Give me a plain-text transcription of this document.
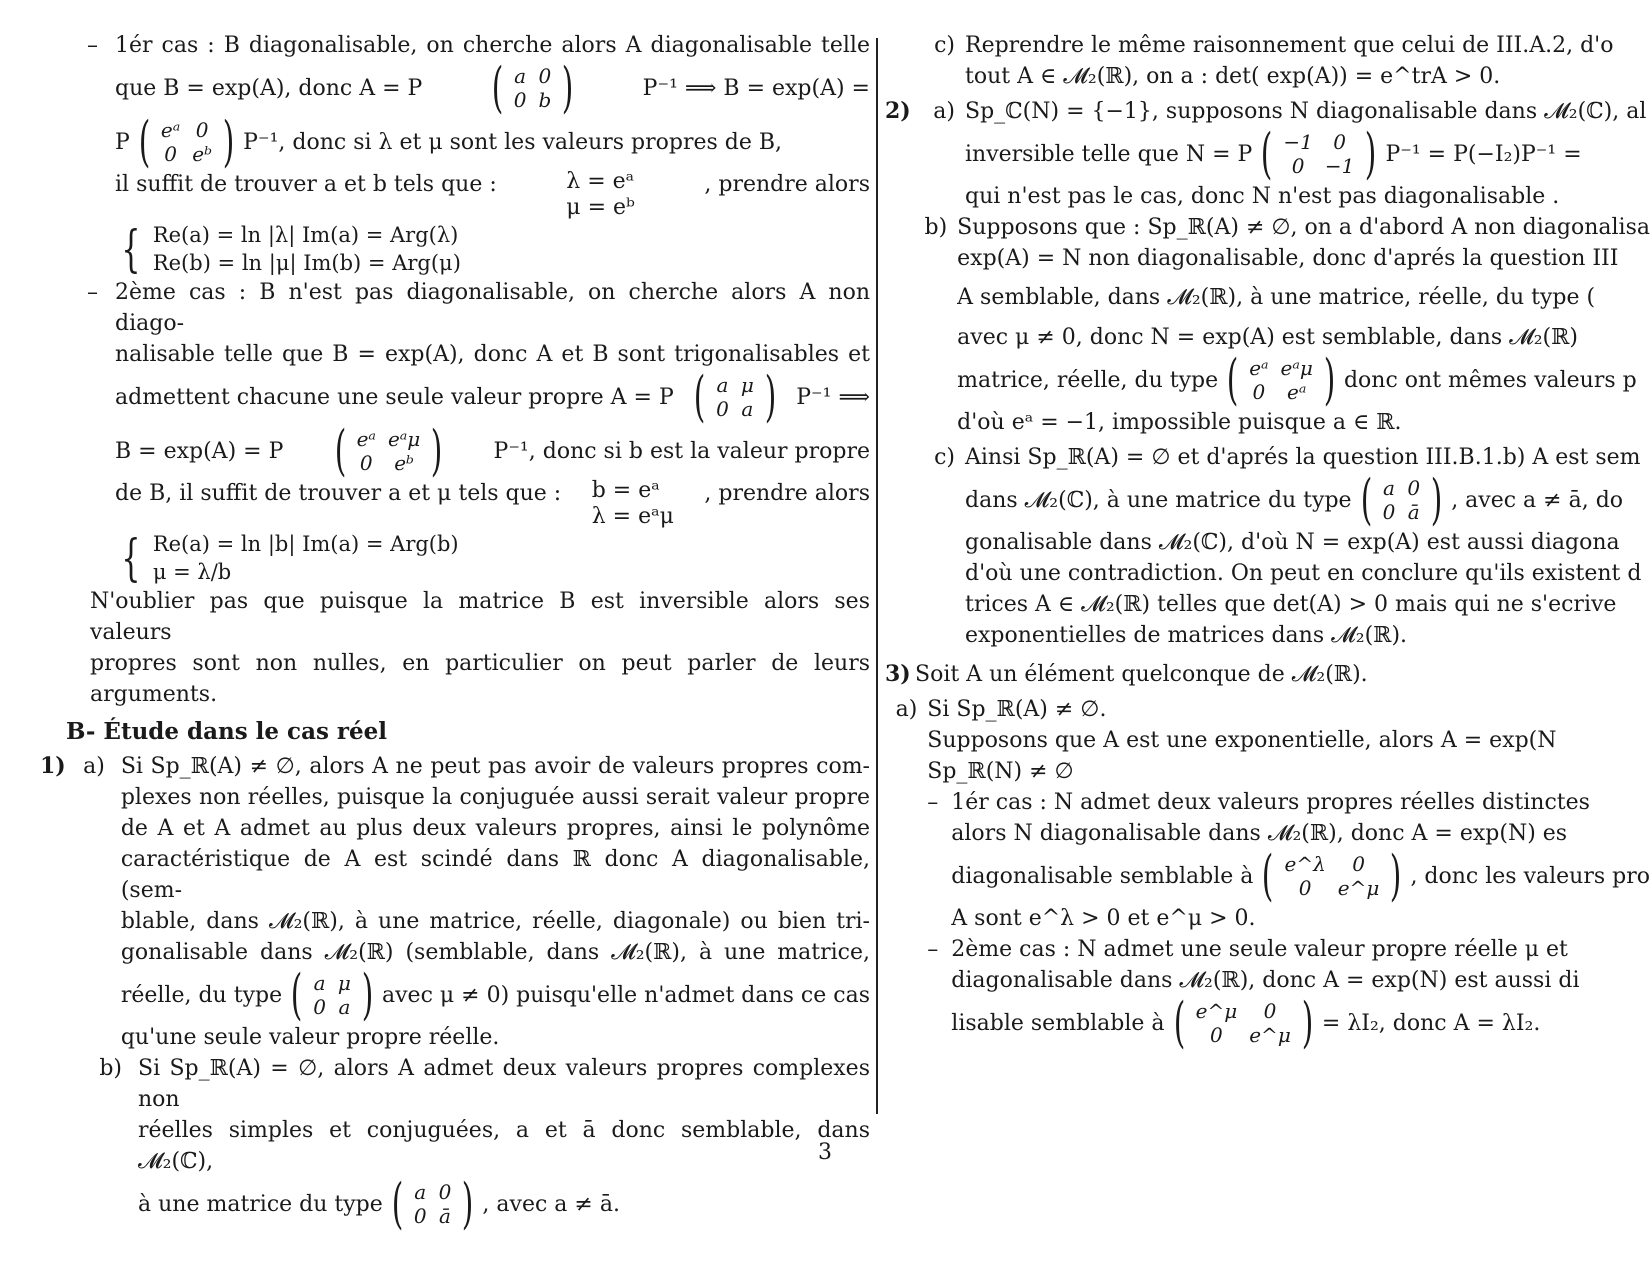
– 1ér cas : B diagonalisable, on cherche alors A diagonalisable telle
que B = exp(A), donc A = P ( a	0
0	b )	P⁻¹ ⟹ B = exp(A) =
P ( eᵃ	0
0	eᵇ ) P⁻¹, donc si λ et μ sont les valeurs propres de B,
il suffit de trouver a et b tels que :	λ = eᵃ
μ = eᵇ
, prendre alors
{ Re(a) = ln |λ| Im(a) = Arg(λ)
Re(b) = ln |μ| Im(b) = Arg(μ)
– 2ème cas : B n'est pas diagonalisable, on cherche alors A non diago-
nalisable telle que B = exp(A), donc A et B sont trigonalisables et
admettent chacune une seule valeur propre A = P ( a	μ
0	a ) P⁻¹ ⟹
B = exp(A) = P ( eᵃ	eᵃμ
0	eᵇ ) P⁻¹, donc si b est la valeur propre
de B, il suffit de trouver a et μ tels que : b = eᵃ
λ = eᵃμ
, prendre alors
{ Re(a) = ln |b| Im(a) = Arg(b)
μ = λ/b
N'oublier pas que puisque la matrice B est inversible alors ses valeurs
propres sont non nulles, en particulier on peut parler de leurs arguments.
B- Étude dans le cas réel
1) a) Si Sp_ℝ(A) ≠ ∅, alors A ne peut pas avoir de valeurs propres com-
plexes non réelles, puisque la conjuguée aussi serait valeur propre
de A et A admet au plus deux valeurs propres, ainsi le polynôme
caractéristique de A est scindé dans ℝ donc A diagonalisable, (sem-
blable, dans 𝓜₂(ℝ), à une matrice, réelle, diagonale) ou bien tri-
gonalisable dans 𝓜₂(ℝ) (semblable, dans 𝓜₂(ℝ), à une matrice,
réelle, du type ( a	μ
0	a ) avec μ ≠ 0) puisqu'elle n'admet dans ce cas
qu'une seule valeur propre réelle.
b) Si Sp_ℝ(A) = ∅, alors A admet deux valeurs propres complexes non
réelles simples et conjuguées, a et ā donc semblable, dans 𝓜₂(ℂ),
à une matrice du type ( a	0
0	ā ) , avec a ≠ ā.
c) Reprendre le même raisonnement que celui de III.A.2, d'o
tout A ∈ 𝓜₂(ℝ), on a : det( exp(A)) = e^trA > 0.
2)	a) Sp_ℂ(N) = {−1}, supposons N diagonalisable dans 𝓜₂(ℂ), al
inversible telle que N = P ( −1	0
0	−1 ) P⁻¹ = P(−I₂)P⁻¹ =
qui n'est pas le cas, donc N n'est pas diagonalisable .
b) Supposons que : Sp_ℝ(A) ≠ ∅, on a d'abord A non diagonalisa
exp(A) = N non diagonalisable, donc d'aprés la question III
A semblable, dans 𝓜₂(ℝ), à une matrice, réelle, du type (
avec μ ≠ 0, donc N = exp(A) est semblable, dans 𝓜₂(ℝ)
matrice, réelle, du type ( eᵃ	eᵃμ
0	eᵃ ) donc ont mêmes valeurs p
d'où eᵃ = −1, impossible puisque a ∈ ℝ.
c) Ainsi Sp_ℝ(A) = ∅ et d'aprés la question III.B.1.b) A est sem
dans 𝓜₂(ℂ), à une matrice du type ( a	0
0	ā ) , avec a ≠ ā, do
gonalisable dans 𝓜₂(ℂ), d'où N = exp(A) est aussi diagona
d'où une contradiction. On peut en conclure qu'ils existent d
trices A ∈ 𝓜₂(ℝ) telles que det(A) > 0 mais qui ne s'ecrive
exponentielles de matrices dans 𝓜₂(ℝ).
3) Soit A un élément quelconque de 𝓜₂(ℝ).
a) Si Sp_ℝ(A) ≠ ∅.
Supposons que A est une exponentielle, alors A = exp(N
Sp_ℝ(N) ≠ ∅
– 1ér cas : N admet deux valeurs propres réelles distinctes
alors N diagonalisable dans 𝓜₂(ℝ), donc A = exp(N) es
diagonalisable semblable à ( e^λ	0
0	e^μ ) , donc les valeurs pro
A sont e^λ > 0 et e^μ > 0.
– 2ème cas : N admet une seule valeur propre réelle μ et
diagonalisable dans 𝓜₂(ℝ), donc A = exp(N) est aussi di
lisable semblable à ( e^μ	0
0	e^μ ) = λI₂, donc A = λI₂.
3
